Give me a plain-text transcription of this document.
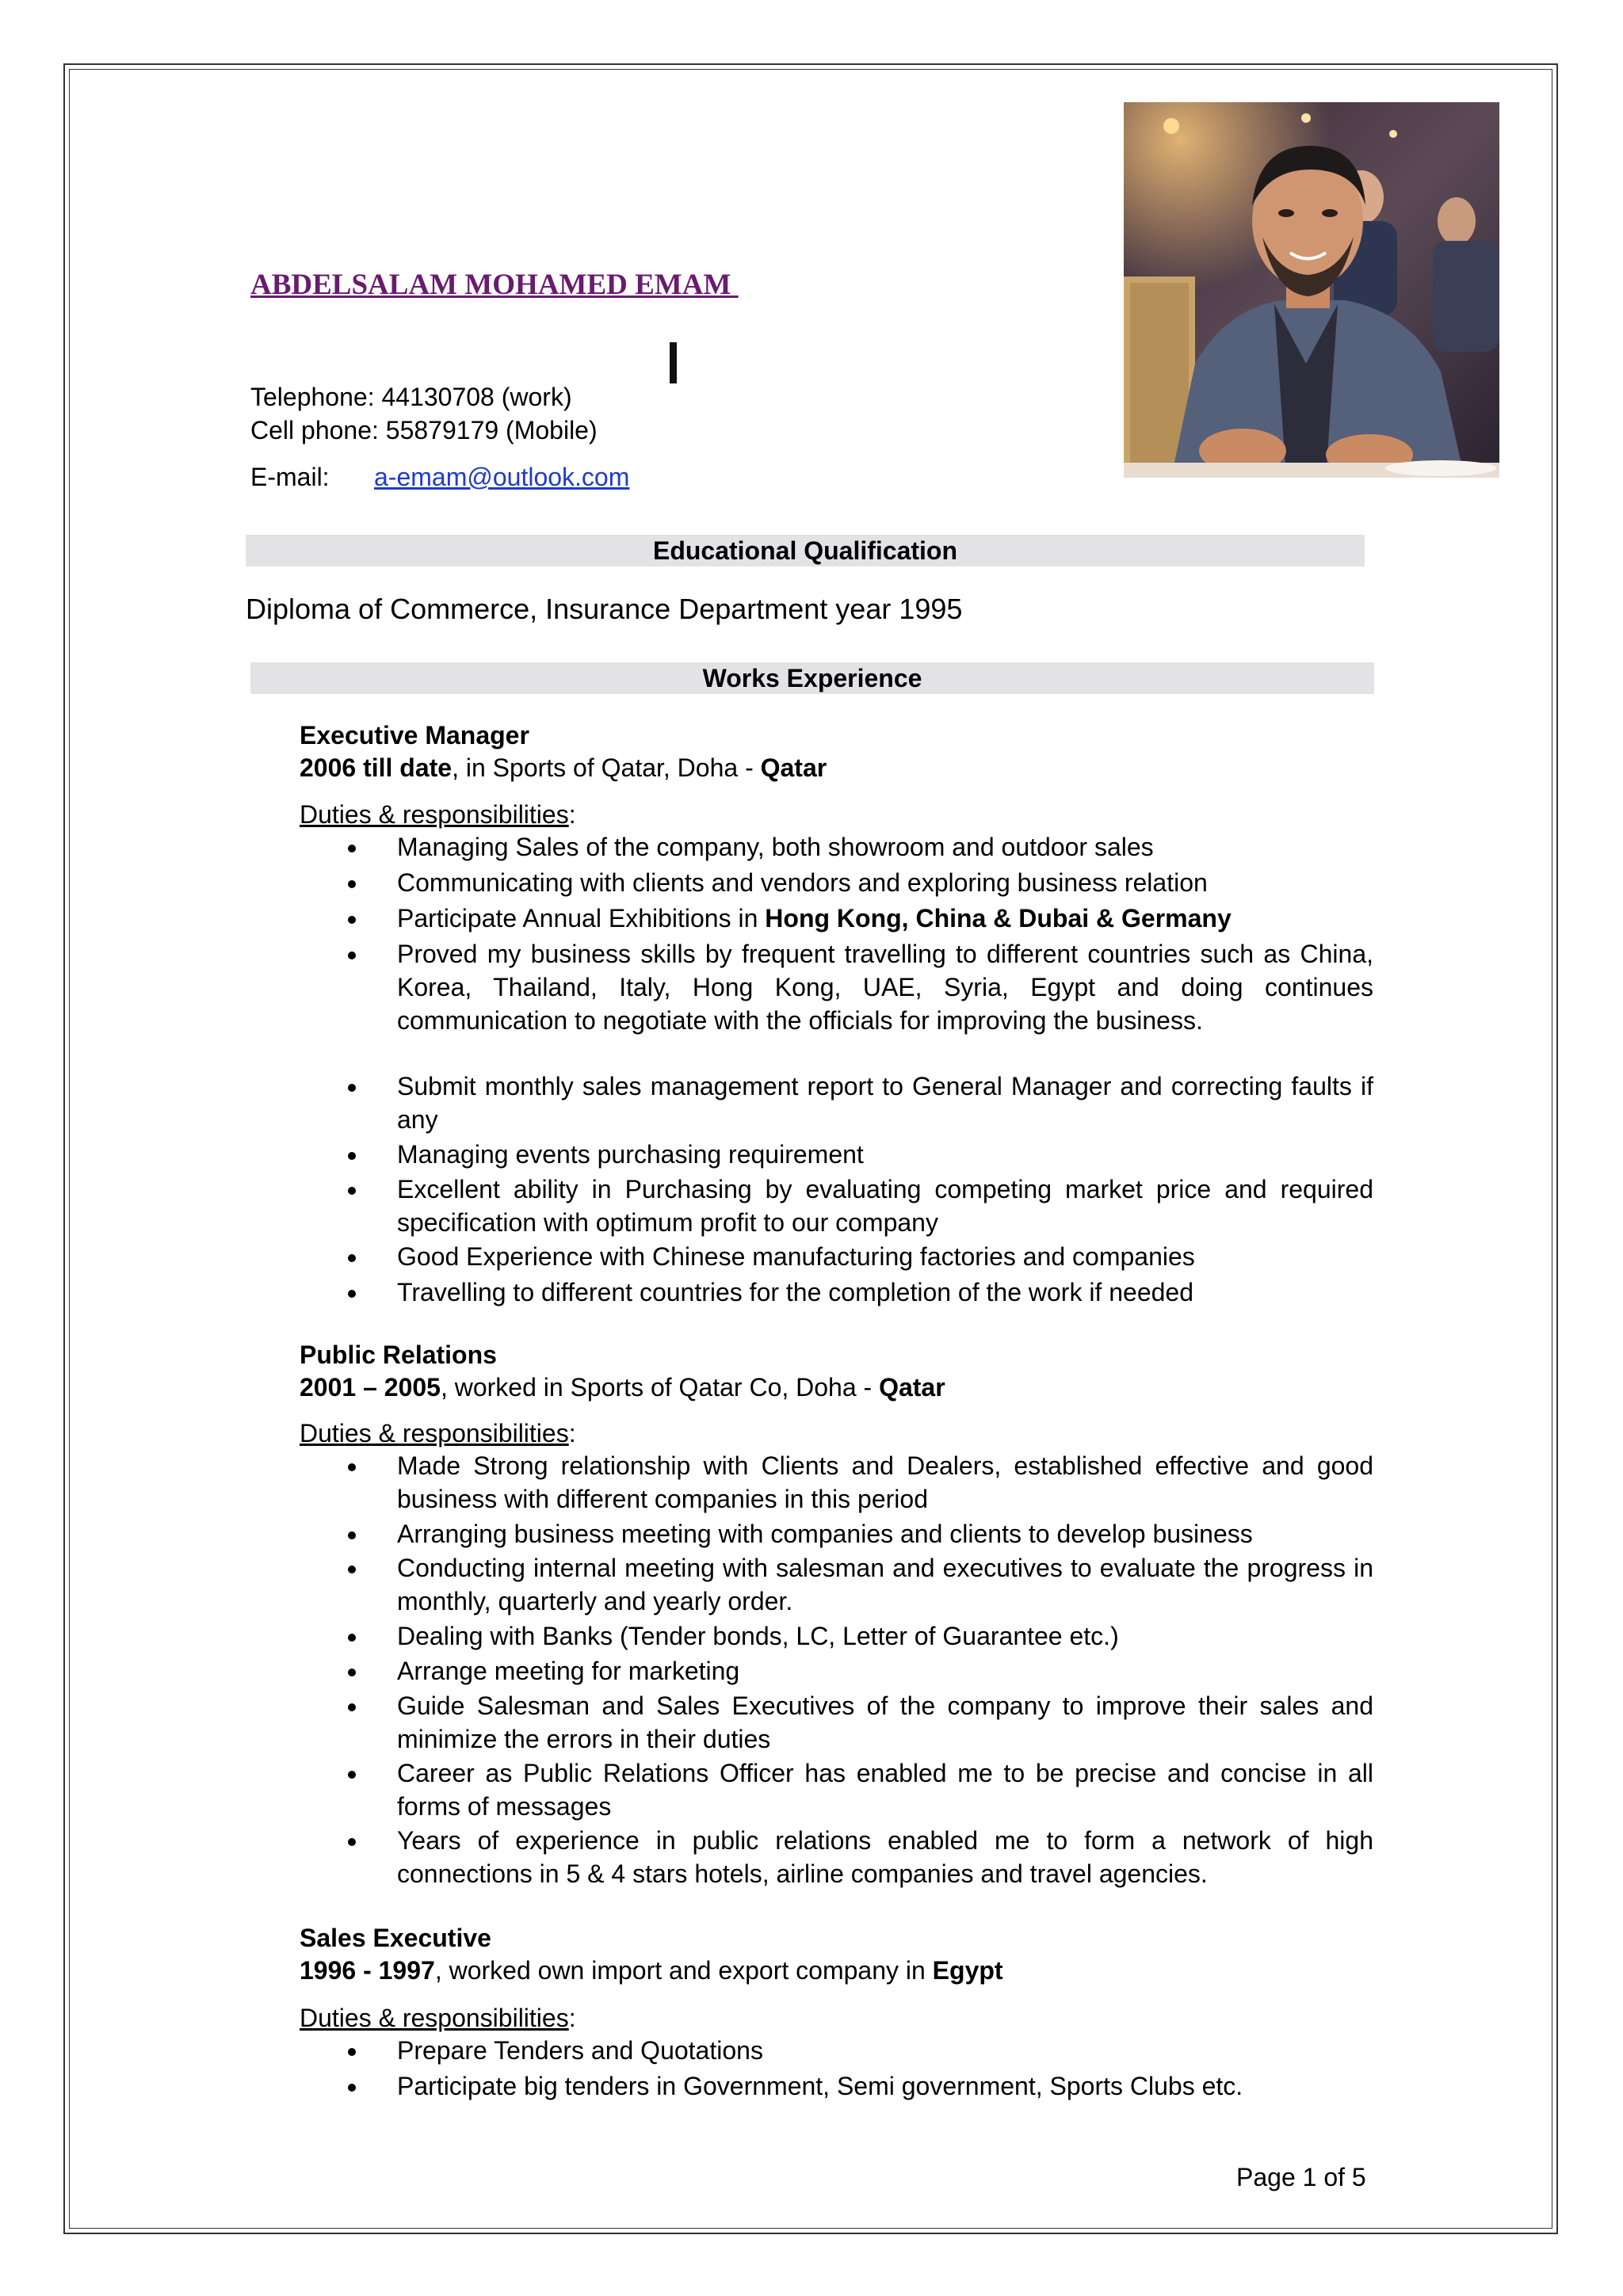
ABDELSALAM MOHAMED EMAM
Telephone: 44130708 (work)
Cell phone: 55879179 (Mobile)
E-mail: a-emam@outlook.com
Educational Qualification
Diploma of Commerce, Insurance Department year 1995
Works Experience
Executive Manager
2006 till date, in Sports of Qatar, Doha - Qatar
Duties & responsibilities:
Managing Sales of the company, both showroom and outdoor sales
Communicating with clients and vendors and exploring business relation
Participate Annual Exhibitions in Hong Kong, China & Dubai & Germany
Proved my business skills by frequent travelling to different countries such as China, Korea, Thailand, Italy, Hong Kong, UAE, Syria, Egypt and doing continues communication to negotiate with the officials for improving the business.
Submit monthly sales management report to General Manager and correcting faults if any
Managing events purchasing requirement
Excellent ability in Purchasing by evaluating competing market price and required specification with optimum profit to our company
Good Experience with Chinese manufacturing factories and companies
Travelling to different countries for the completion of the work if needed
Public Relations
2001 – 2005, worked in Sports of Qatar Co, Doha - Qatar
Duties & responsibilities:
Made Strong relationship with Clients and Dealers, established effective and good business with different companies in this period
Arranging business meeting with companies and clients to develop business
Conducting internal meeting with salesman and executives to evaluate the progress in monthly, quarterly and yearly order.
Dealing with Banks (Tender bonds, LC, Letter of Guarantee etc.)
Arrange meeting for marketing
Guide Salesman and Sales Executives of the company to improve their sales and minimize the errors in their duties
Career as Public Relations Officer has enabled me to be precise and concise in all forms of messages
Years of experience in public relations enabled me to form a network of high connections in 5 & 4 stars hotels, airline companies and travel agencies.
Sales Executive
1996 - 1997, worked own import and export company in Egypt
Duties & responsibilities:
Prepare Tenders and Quotations
Participate big tenders in Government, Semi government, Sports Clubs etc.
Page 1 of 5
